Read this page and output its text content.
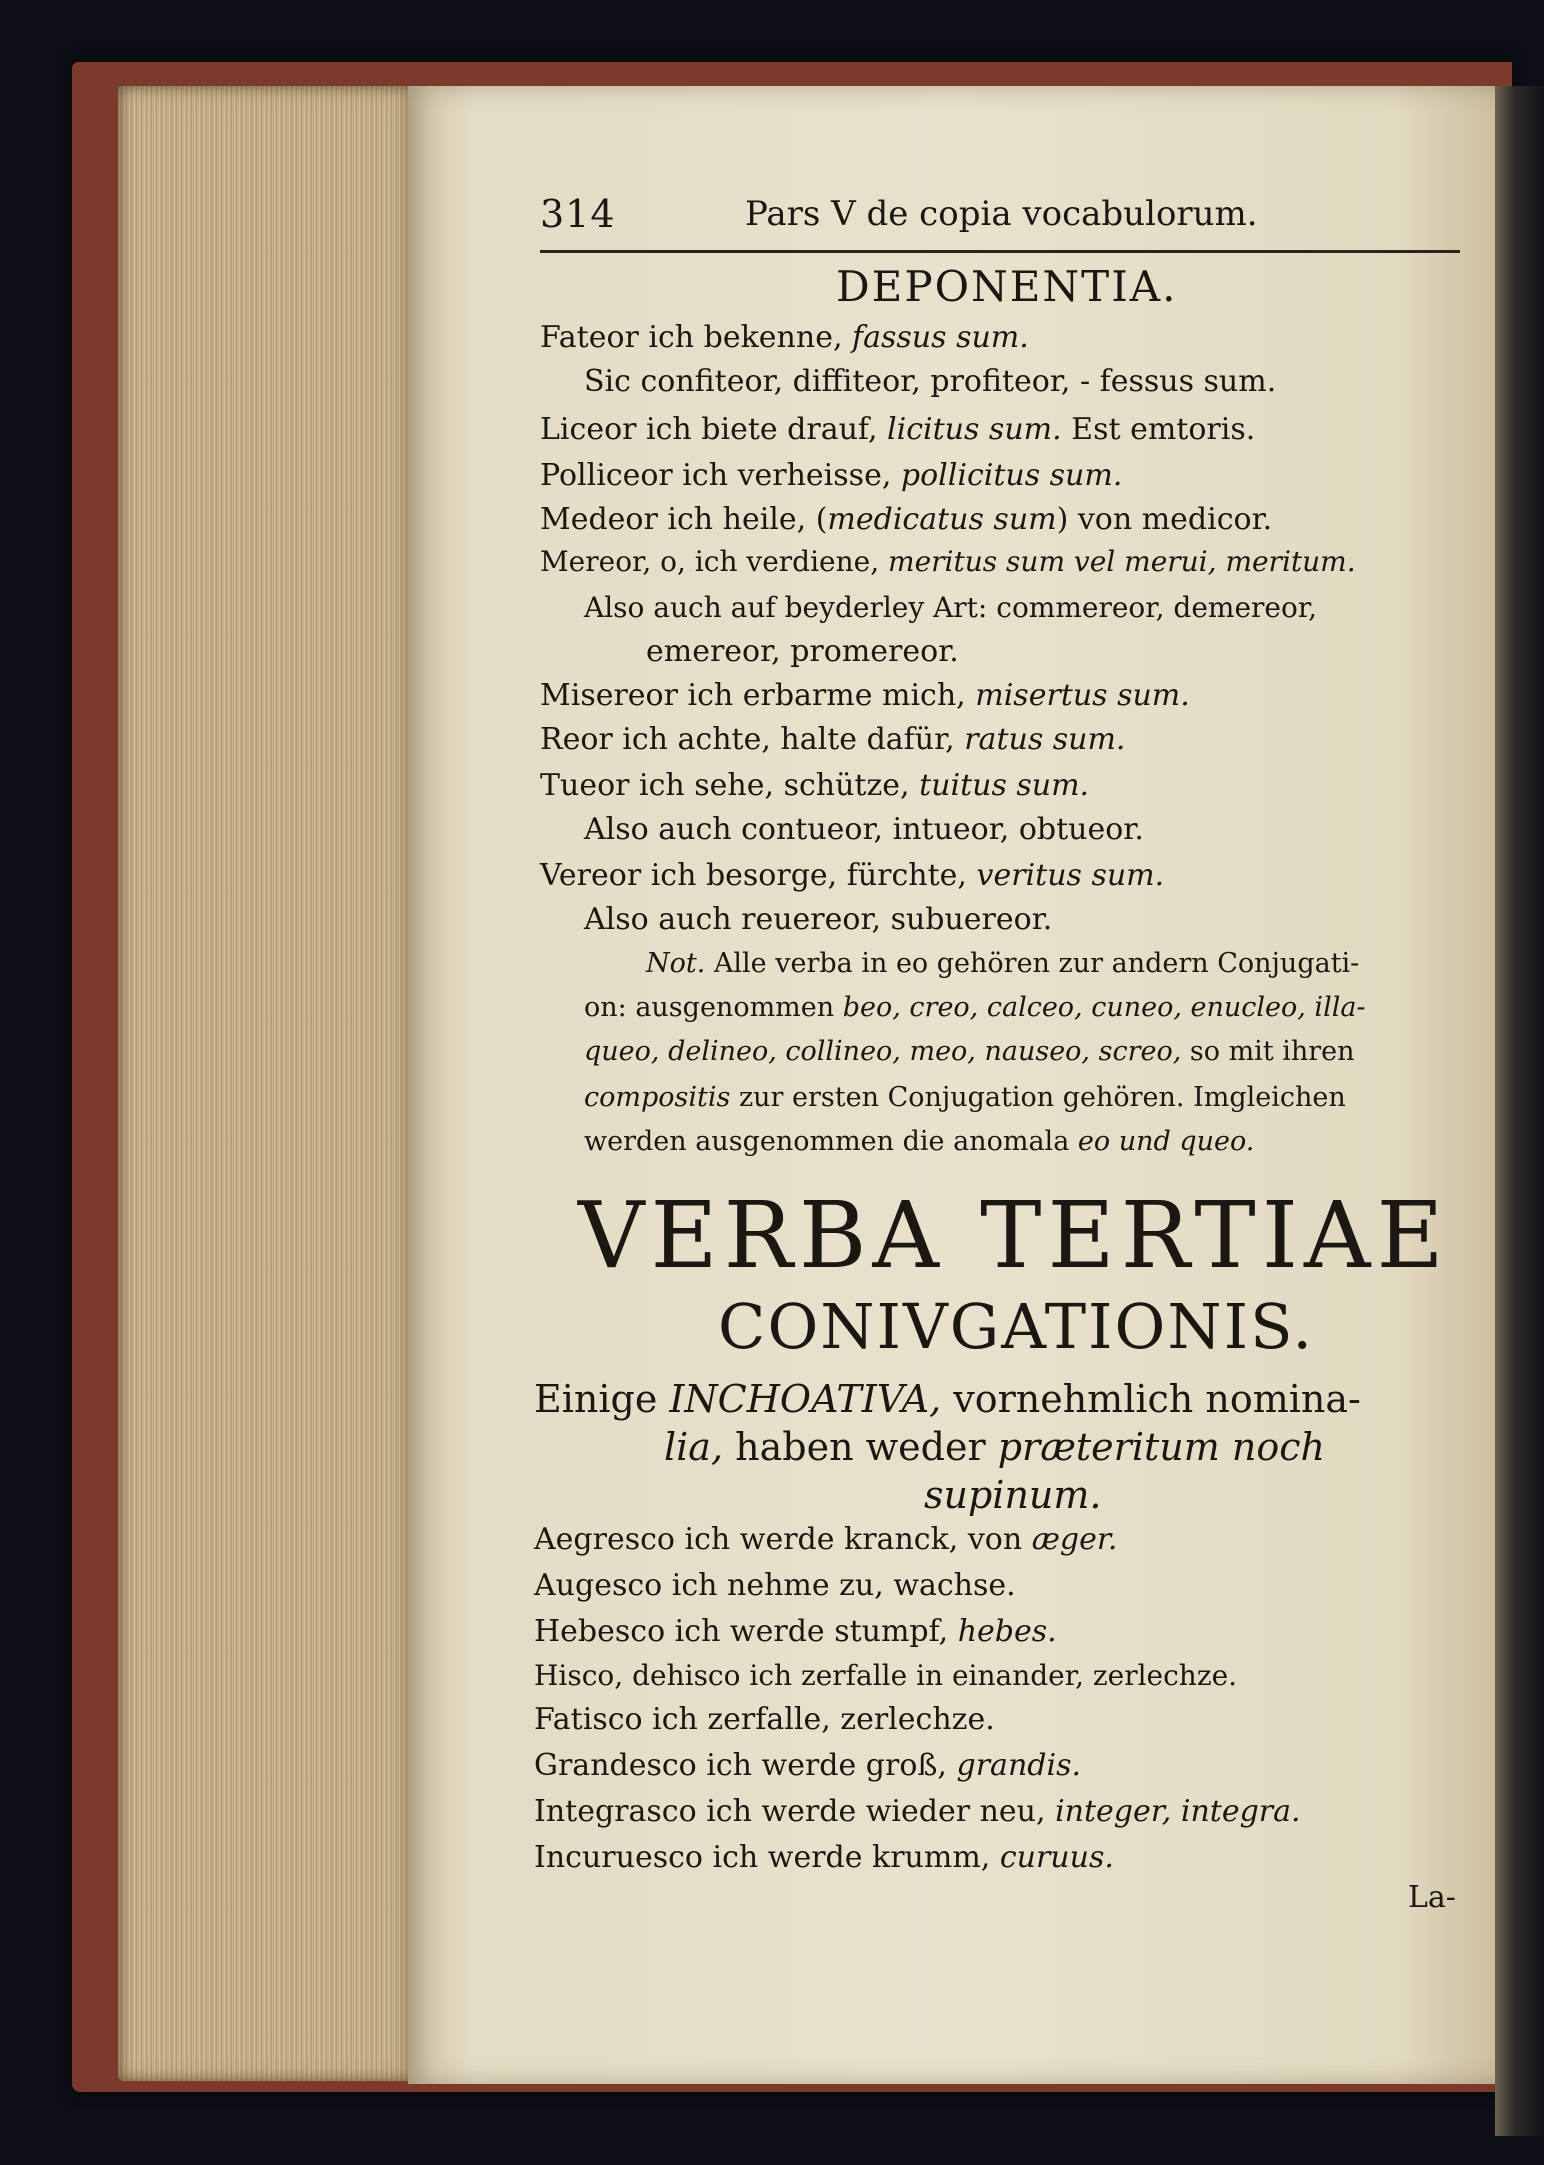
314	Pars V de copia vocabulorum.
DEPONENTIA.
Fateor ich bekenne, fassus sum.
Sic confiteor, diffiteor, profiteor, - fessus sum.
Liceor ich biete drauf, licitus sum. Est emtoris.
Polliceor ich verheisse, pollicitus sum.
Medeor ich heile, (medicatus sum) von medicor.
Mereor, o, ich verdiene, meritus sum vel merui, meritum.
Also auch auf beyderley Art: commereor, demereor,
emereor, promereor.
Misereor ich erbarme mich, misertus sum.
Reor ich achte, halte dafür, ratus sum.
Tueor ich sehe, schütze, tuitus sum.
Also auch contueor, intueor, obtueor.
Vereor ich besorge, fürchte, veritus sum.
Also auch reuereor, subuereor.
Not. Alle verba in eo gehören zur andern Conjugati-
on: ausgenommen beo, creo, calceo, cuneo, enucleo, illa-
queo, delineo, collineo, meo, nauseo, screo, so mit ihren
compositis zur ersten Conjugation gehören. Imgleichen
werden ausgenommen die anomala eo und queo.
VERBA TERTIAE
CONIVGATIONIS.
Einige INCHOATIVA, vornehmlich nomina-
lia, haben weder præteritum noch
supinum.
Aegresco ich werde kranck, von æger.
Augesco ich nehme zu, wachse.
Hebesco ich werde stumpf, hebes.
Hisco, dehisco ich zerfalle in einander, zerlechze.
Fatisco ich zerfalle, zerlechze.
Grandesco ich werde groß, grandis.
Integrasco ich werde wieder neu, integer, integra.
Incuruesco ich werde krumm, curuus.
La-
